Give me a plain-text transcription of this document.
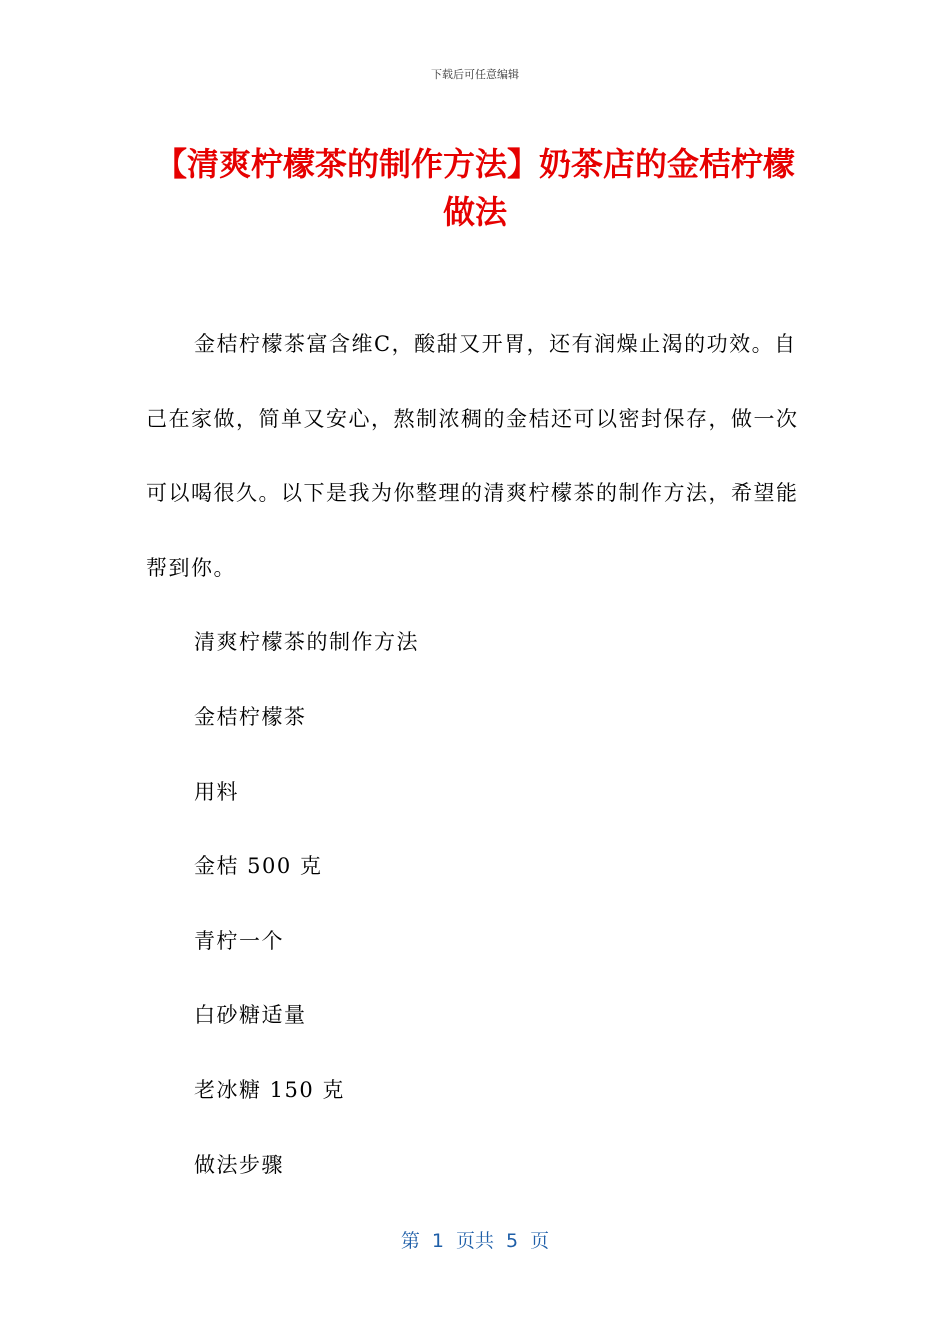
下载后可任意编辑
【清爽柠檬茶的制作方法】奶茶店的金桔柠檬做法

金桔柠檬茶富含维C，酸甜又开胃，还有润燥止渴的功效。自己在家做，简单又安心，熬制浓稠的金桔还可以密封保存，做一次可以喝很久。以下是我为你整理的清爽柠檬茶的制作方法，希望能帮到你。

清爽柠檬茶的制作方法

金桔柠檬茶

用料

金桔 500 克

青柠一个

白砂糖适量

老冰糖 150 克

做法步骤

第 1 页共 5 页
